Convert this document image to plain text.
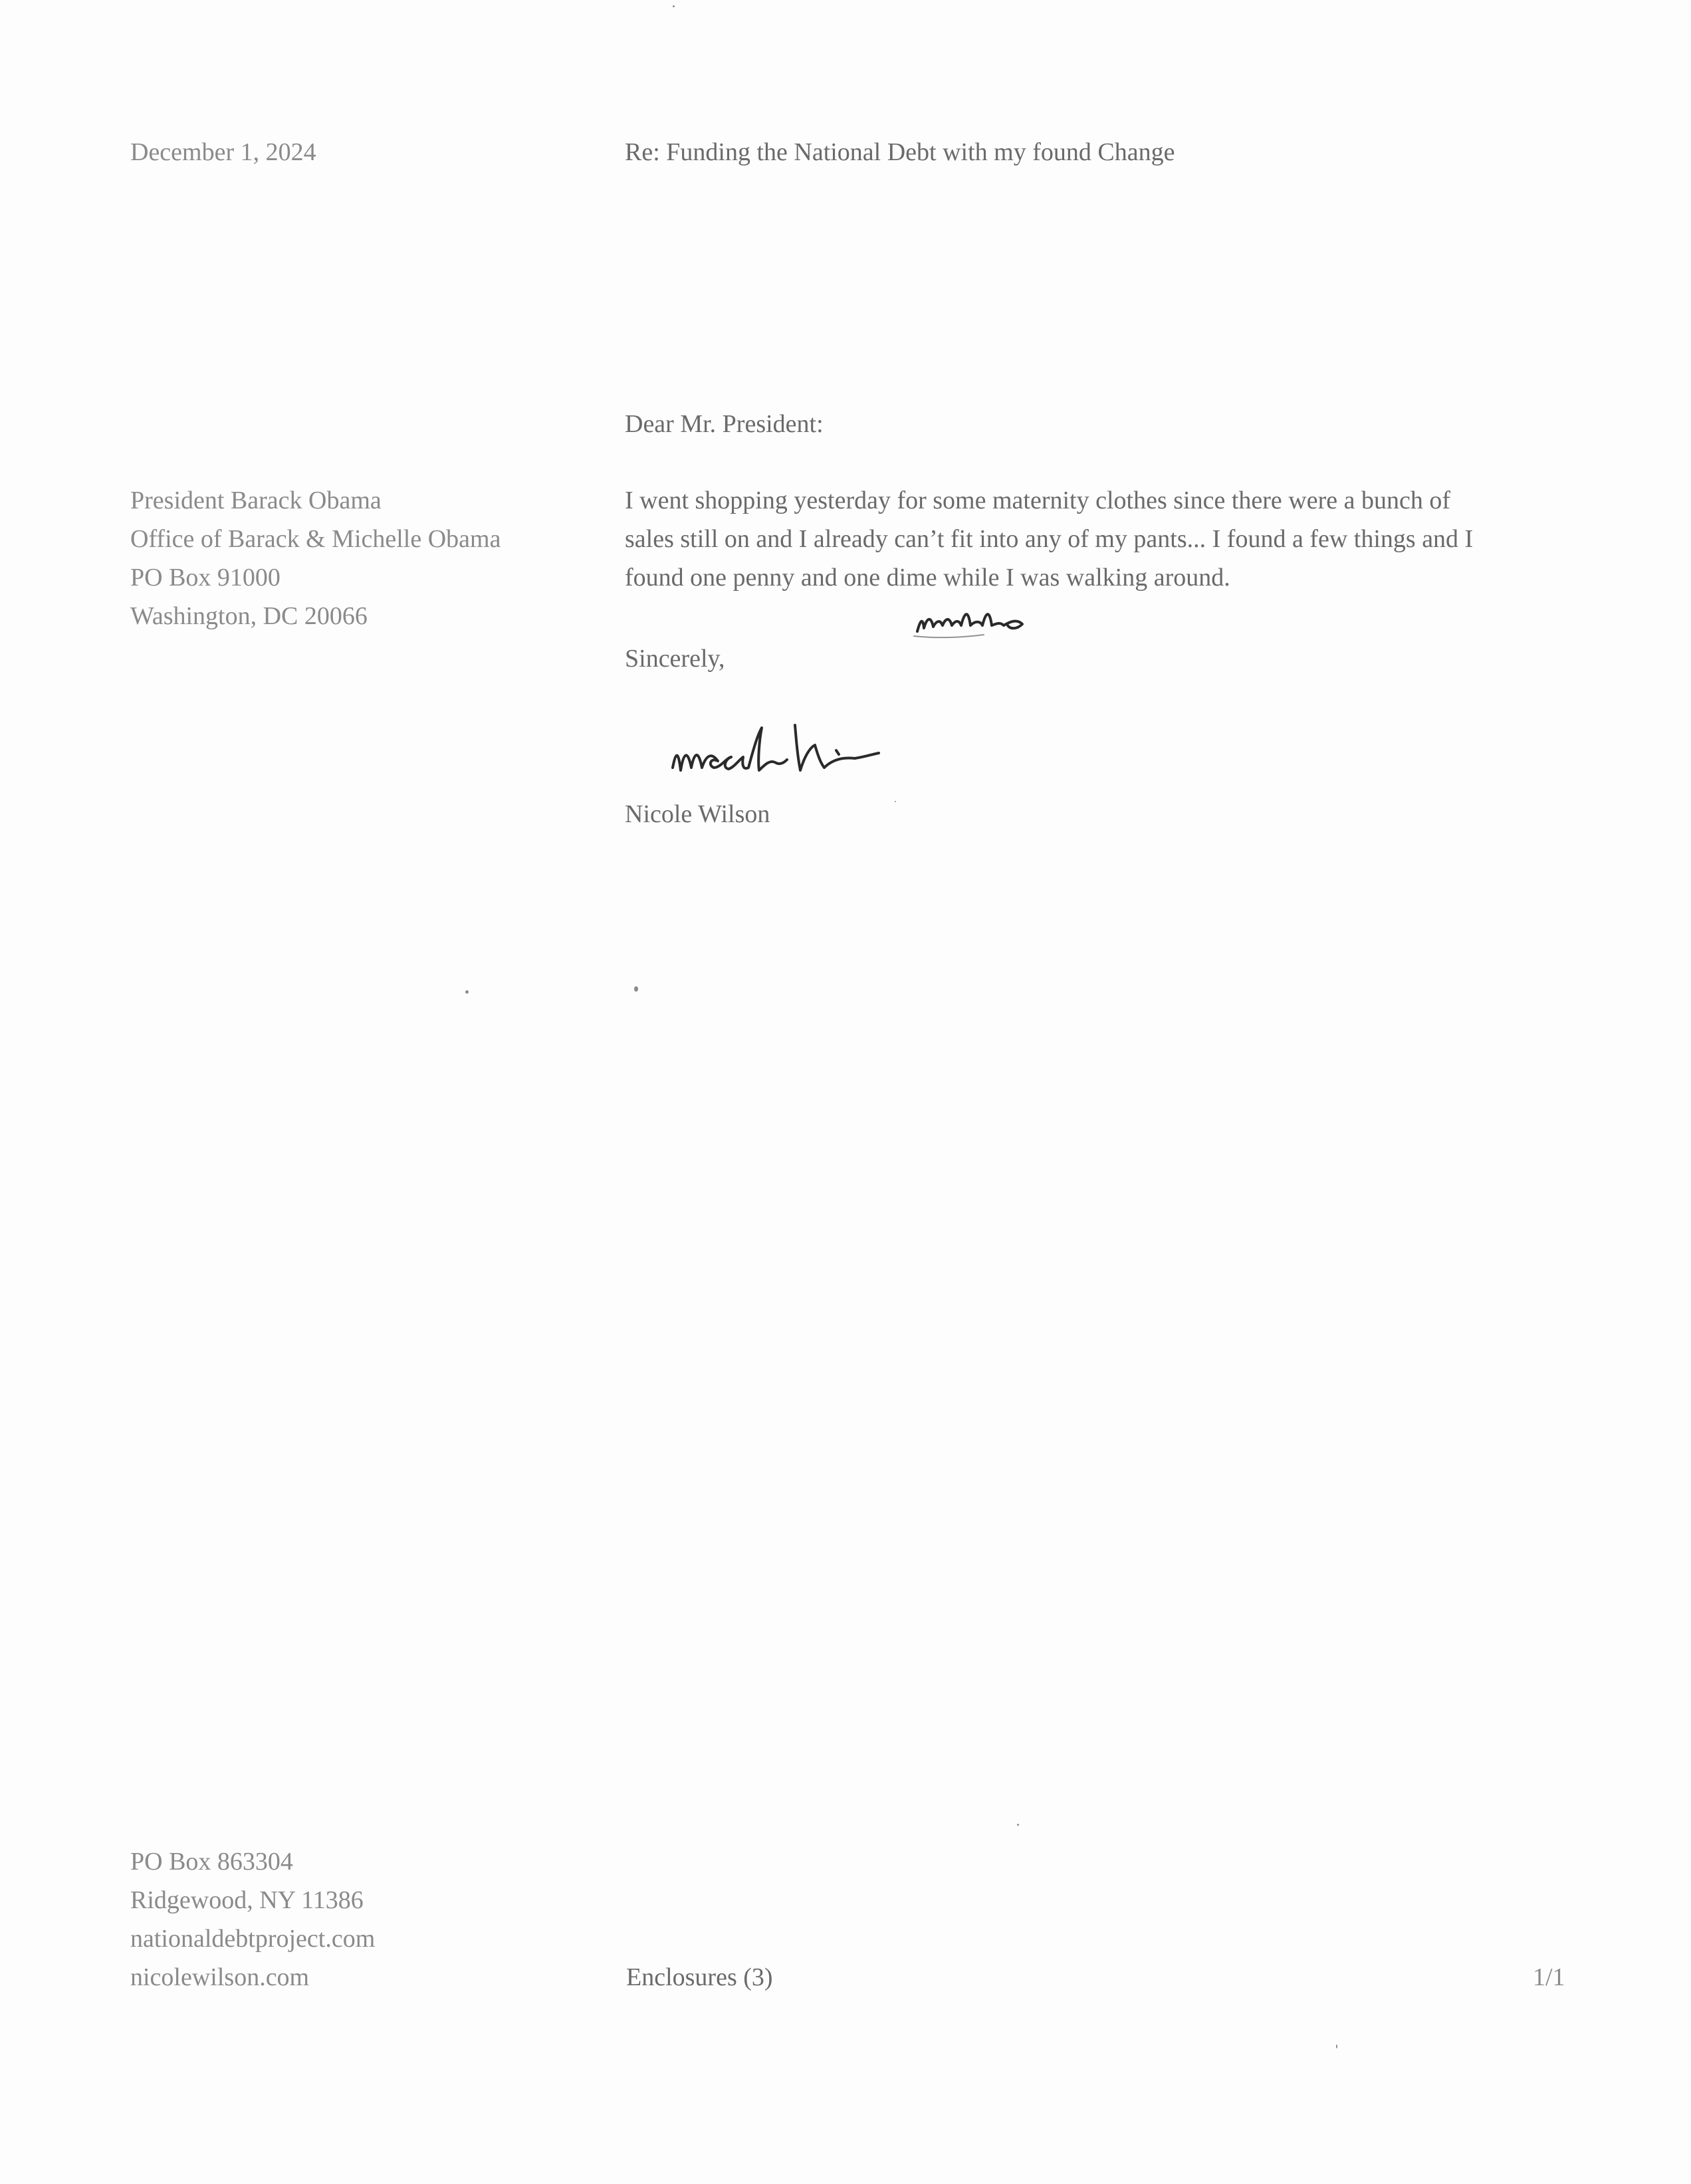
December 1, 2024	Re: Funding the National Debt with my found Change

Dear Mr. President:

President Barack Obama
Office of Barack & Michelle Obama
PO Box 91000
Washington, DC 20066
I went shopping yesterday for some maternity clothes since there were a bunch of
sales still on and I already can’t fit into any of my pants... I found a few things and I
found one penny and one dime while I was walking around.

Sincerely,

Nicole Wilson

PO Box 863304
Ridgewood, NY 11386
nationaldebtproject.com
nicolewilson.com	Enclosures (3)	1/1
